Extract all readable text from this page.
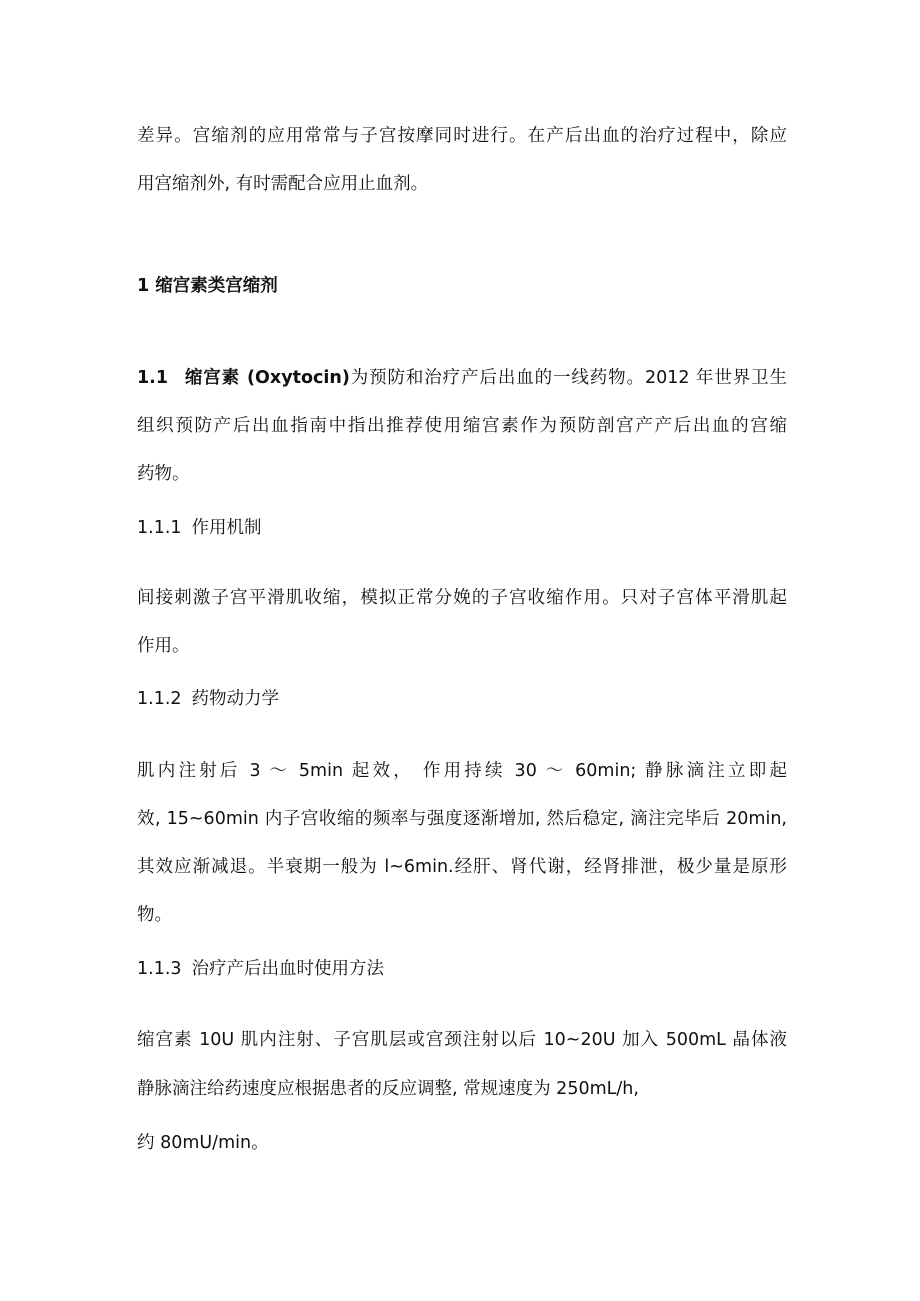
差异。宫缩剂的应用常常与子宫按摩同时进行。在产后出血的治疗过程中，除应
用宫缩剂外, 有时需配合应用止血剂。
1 缩宫素类宫缩剂
1.1 缩宫素 (Oxytocin)为预防和治疗产后出血的一线药物。2012 年世界卫生
组织预防产后出血指南中指出推荐使用缩宫素作为预防剖宫产产后出血的宫缩
药物。
1.1.1 作用机制
间接刺激子宫平滑肌收缩，模拟正常分娩的子宫收缩作用。只对子宫体平滑肌起
作用。
1.1.2 药物动力学
肌内注射后 3 ～ 5min 起效， 作用持续 30 ～ 60min; 静脉滴注立即起
效, 15~60min 内子宫收缩的频率与强度逐渐增加, 然后稳定, 滴注完毕后 20min,
其效应渐减退。半衰期一般为 l~6min.经肝、肾代谢，经肾排泄，极少量是原形
物。
1.1.3 治疗产后出血时使用方法
缩宫素 10U 肌内注射、子宫肌层或宫颈注射以后 10~20U 加入 500mL 晶体液
静脉滴注给药速度应根据患者的反应调整, 常规速度为 250mL/h,
约 80mU/min。
